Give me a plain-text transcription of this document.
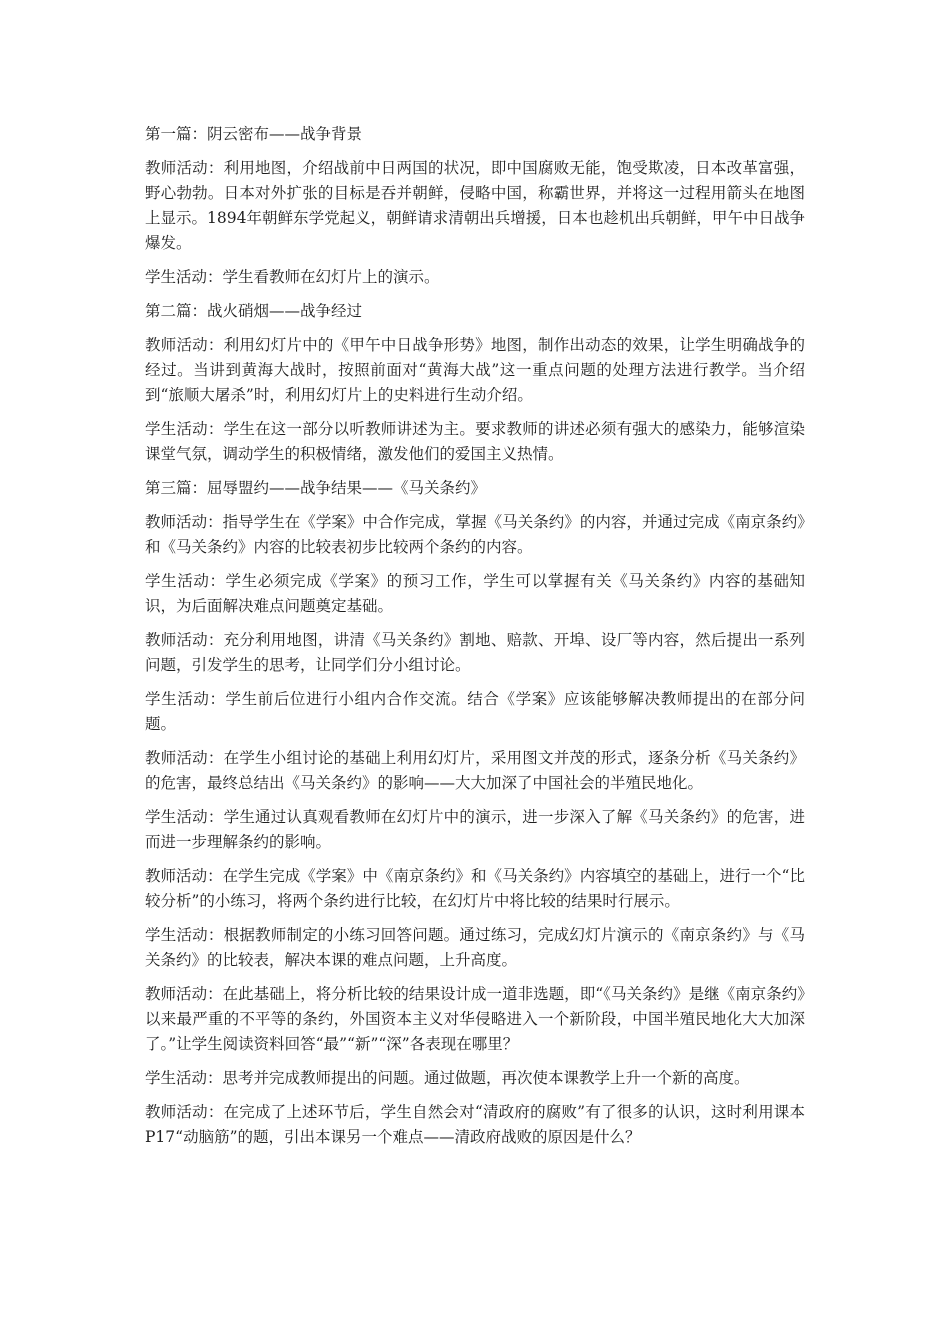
第一篇：阴云密布——战争背景

教师活动：利用地图，介绍战前中日两国的状况，即中国腐败无能，饱受欺凌，日本改革富强，野心勃勃。日本对外扩张的目标是吞并朝鲜，侵略中国，称霸世界，并将这一过程用箭头在地图上显示。1894年朝鲜东学党起义，朝鲜请求清朝出兵增援，日本也趁机出兵朝鲜，甲午中日战争爆发。

学生活动：学生看教师在幻灯片上的演示。

第二篇：战火硝烟——战争经过

教师活动：利用幻灯片中的《甲午中日战争形势》地图，制作出动态的效果，让学生明确战争的经过。当讲到黄海大战时，按照前面对“黄海大战”这一重点问题的处理方法进行教学。当介绍到“旅顺大屠杀”时，利用幻灯片上的史料进行生动介绍。

学生活动：学生在这一部分以听教师讲述为主。要求教师的讲述必须有强大的感染力，能够渲染课堂气氛，调动学生的积极情绪，激发他们的爱国主义热情。

第三篇：屈辱盟约——战争结果——《马关条约》

教师活动：指导学生在《学案》中合作完成，掌握《马关条约》的内容，并通过完成《南京条约》和《马关条约》内容的比较表初步比较两个条约的内容。

学生活动：学生必须完成《学案》的预习工作，学生可以掌握有关《马关条约》内容的基础知识，为后面解决难点问题奠定基础。

教师活动：充分利用地图，讲清《马关条约》割地、赔款、开埠、设厂等内容，然后提出一系列问题，引发学生的思考，让同学们分小组讨论。

学生活动：学生前后位进行小组内合作交流。结合《学案》应该能够解决教师提出的在部分问题。

教师活动：在学生小组讨论的基础上利用幻灯片，采用图文并茂的形式，逐条分析《马关条约》的危害，最终总结出《马关条约》的影响——大大加深了中国社会的半殖民地化。

学生活动：学生通过认真观看教师在幻灯片中的演示，进一步深入了解《马关条约》的危害，进而进一步理解条约的影响。

教师活动：在学生完成《学案》中《南京条约》和《马关条约》内容填空的基础上，进行一个“比较分析”的小练习，将两个条约进行比较，在幻灯片中将比较的结果时行展示。

学生活动：根据教师制定的小练习回答问题。通过练习，完成幻灯片演示的《南京条约》与《马关条约》的比较表，解决本课的难点问题，上升高度。

教师活动：在此基础上，将分析比较的结果设计成一道非选题，即“《马关条约》是继《南京条约》以来最严重的不平等的条约，外国资本主义对华侵略进入一个新阶段，中国半殖民地化大大加深了。”让学生阅读资料回答“最”“新”“深”各表现在哪里？

学生活动：思考并完成教师提出的问题。通过做题，再次使本课教学上升一个新的高度。

教师活动：在完成了上述环节后，学生自然会对“清政府的腐败”有了很多的认识，这时利用课本P17“动脑筋”的题，引出本课另一个难点——清政府战败的原因是什么？
